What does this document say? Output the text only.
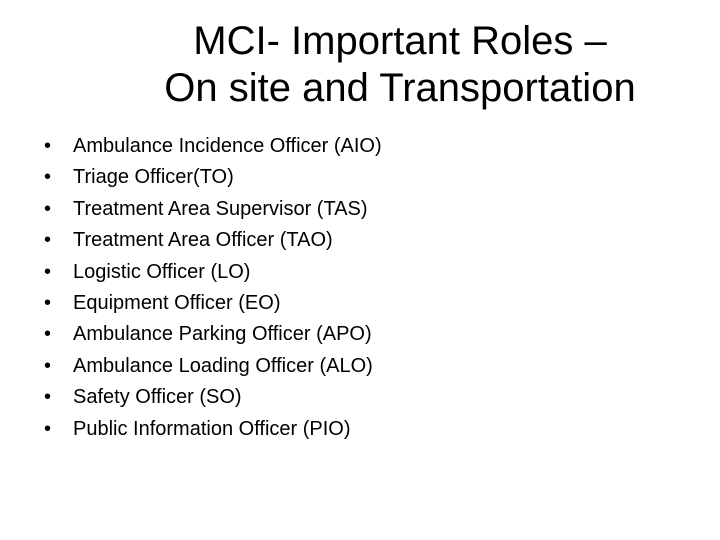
MCI- Important Roles –
On site and Transportation
•	Ambulance Incidence Officer (AIO)
•	Triage Officer(TO)
•	Treatment Area Supervisor (TAS)
•	Treatment Area Officer (TAO)
•	Logistic Officer (LO)
•	Equipment Officer (EO)
•	Ambulance Parking Officer (APO)
•	Ambulance Loading Officer (ALO)
•	Safety Officer (SO)
•	Public Information Officer (PIO)
